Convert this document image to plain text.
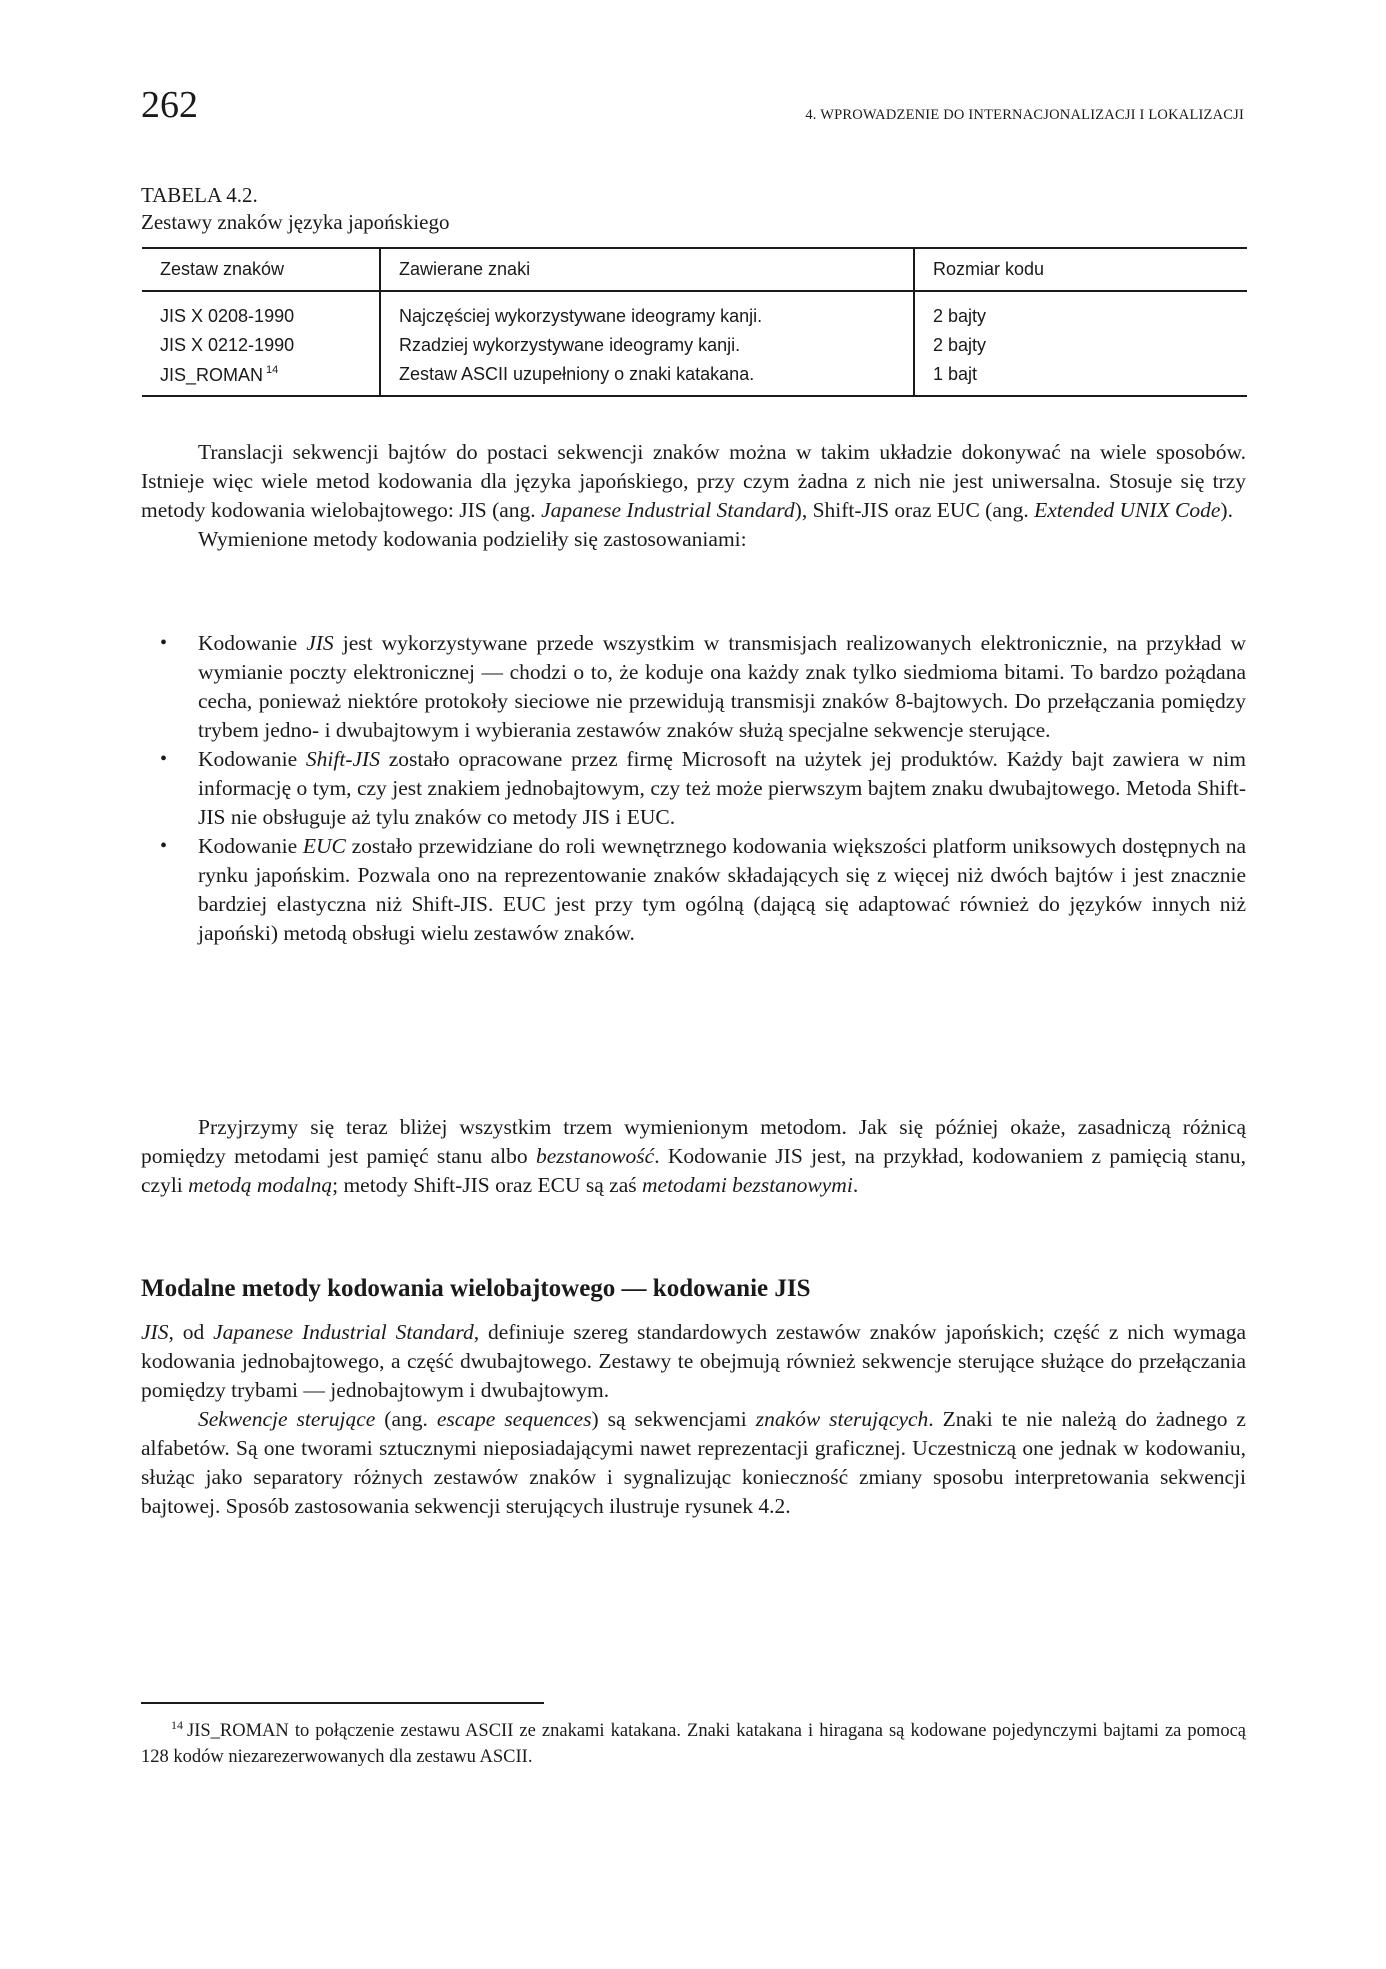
262	4. WPROWADZENIE DO INTERNACJONALIZACJI I LOKALIZACJI
TABELA 4.2.
Zestawy znaków języka japońskiego
Zestaw znaków	Zawierane znaki	Rozmiar kodu
JIS X 0208-1990	Najczęściej wykorzystywane ideogramy kanji.	2 bajty
JIS X 0212-1990	Rzadziej wykorzystywane ideogramy kanji.	2 bajty
JIS_ROMAN $^{14}$	Zestaw ASCII uzupełniony o znaki katakana.	1 bajt

Translacji sekwencji bajtów do postaci sekwencji znaków można w takim układzie dokonywać na wiele sposobów. Istnieje więc wiele metod kodowania dla języka japońskiego, przy czym żadna z nich nie jest uniwersalna. Stosuje się trzy metody kodowania wielobajtowego: JIS (ang. Japanese Industrial Standard), Shift-JIS oraz EUC (ang. Extended UNIX Code).

Wymienione metody kodowania podzieliły się zastosowaniami:

• Kodowanie JIS jest wykorzystywane przede wszystkim w transmisjach realizowanych elektronicznie, na przykład w wymianie poczty elektronicznej — chodzi o to, że koduje ona każdy znak tylko siedmioma bitami. To bardzo pożądana cecha, ponieważ niektóre protokoły sieciowe nie przewidują transmisji znaków 8-bajtowych. Do przełączania pomiędzy trybem jedno- i dwubajtowym i wybierania zestawów znaków służą specjalne sekwencje sterujące.
• Kodowanie Shift-JIS zostało opracowane przez firmę Microsoft na użytek jej produktów. Każdy bajt zawiera w nim informację o tym, czy jest znakiem jednobajtowym, czy też może pierwszym bajtem znaku dwubajtowego. Metoda Shift-JIS nie obsługuje aż tylu znaków co metody JIS i EUC.
• Kodowanie EUC zostało przewidziane do roli wewnętrznego kodowania większości platform uniksowych dostępnych na rynku japońskim. Pozwala ono na reprezentowanie znaków składających się z więcej niż dwóch bajtów i jest znacznie bardziej elastyczna niż Shift-JIS. EUC jest przy tym ogólną (dającą się adaptować również do języków innych niż japoński) metodą obsługi wielu zestawów znaków.

Przyjrzymy się teraz bliżej wszystkim trzem wymienionym metodom. Jak się później okaże, zasadniczą różnicą pomiędzy metodami jest pamięć stanu albo bezstanowość. Kodowanie JIS jest, na przykład, kodowaniem z pamięcią stanu, czyli metodą modalną; metody Shift-JIS oraz ECU są zaś metodami bezstanowymi.

Modalne metody kodowania wielobajtowego — kodowanie JIS

JIS, od Japanese Industrial Standard, definiuje szereg standardowych zestawów znaków japońskich; część z nich wymaga kodowania jednobajtowego, a część dwubajtowego. Zestawy te obejmują również sekwencje sterujące służące do przełączania pomiędzy trybami — jednobajtowym i dwubajtowym.

Sekwencje sterujące (ang. escape sequences) są sekwencjami znaków sterujących. Znaki te nie należą do żadnego z alfabetów. Są one tworami sztucznymi nieposiadającymi nawet reprezentacji graficznej. Uczestniczą one jednak w kodowaniu, służąc jako separatory różnych zestawów znaków i sygnalizując konieczność zmiany sposobu interpretowania sekwencji bajtowej. Sposób zastosowania sekwencji sterujących ilustruje rysunek 4.2.

$^{14}$ JIS_ROMAN to połączenie zestawu ASCII ze znakami katakana. Znaki katakana i hiragana są kodowane pojedynczymi bajtami za pomocą 128 kodów niezarezerwowanych dla zestawu ASCII.
